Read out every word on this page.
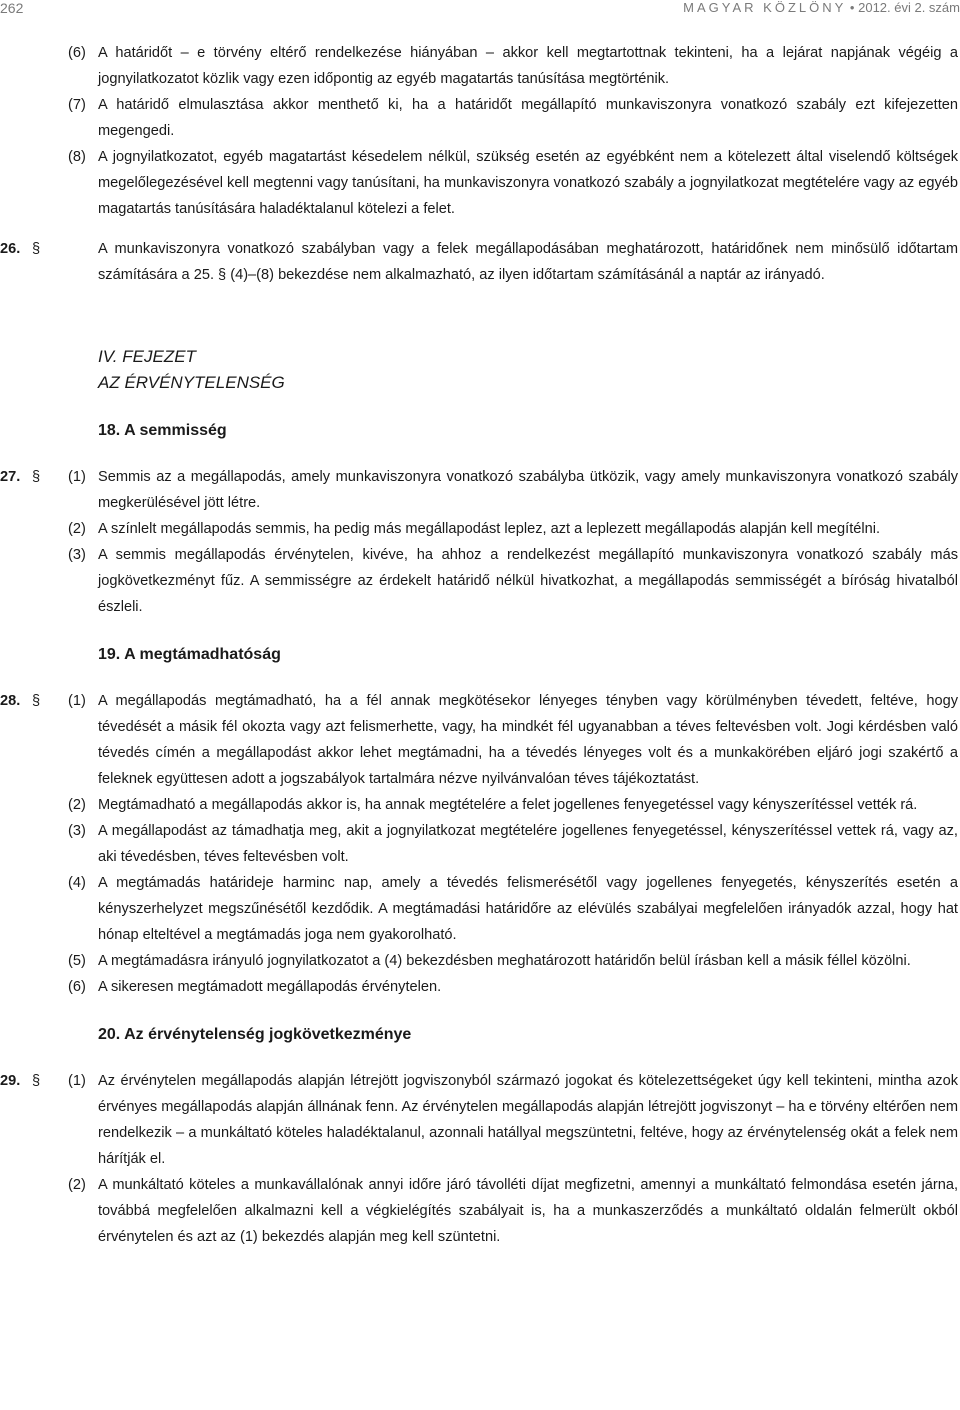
262	MAGYAR KÖZLÖNY • 2012. évi 2. szám
(6) A határidőt – e törvény eltérő rendelkezése hiányában – akkor kell megtartottnak tekinteni, ha a lejárat napjának végéig a jognyilatkozatot közlik vagy ezen időpontig az egyéb magatartás tanúsítása megtörténik.
(7) A határidő elmulasztása akkor menthető ki, ha a határidőt megállapító munkaviszonyra vonatkozó szabály ezt kifejezetten megengedi.
(8) A jognyilatkozatot, egyéb magatartást késedelem nélkül, szükség esetén az egyébként nem a kötelezett által viselendő költségek megelőlegezésével kell megtenni vagy tanúsítani, ha munkaviszonyra vonatkozó szabály a jognyilatkozat megtételére vagy az egyéb magatartás tanúsítására haladéktalanul kötelezi a felet.
26. §	A munkaviszonyra vonatkozó szabályban vagy a felek megállapodásában meghatározott, határidőnek nem minősülő időtartam számítására a 25. § (4)–(8) bekezdése nem alkalmazható, az ilyen időtartam számításánál a naptár az irányadó.
IV. FEJEZET
AZ ÉRVÉNYTELENSÉG
18. A semmisség
27. § (1) Semmis az a megállapodás, amely munkaviszonyra vonatkozó szabályba ütközik, vagy amely munkaviszonyra vonatkozó szabály megkerülésével jött létre.
(2) A színlelt megállapodás semmis, ha pedig más megállapodást leplez, azt a leplezett megállapodás alapján kell megítélni.
(3) A semmis megállapodás érvénytelen, kivéve, ha ahhoz a rendelkezést megállapító munkaviszonyra vonatkozó szabály más jogkövetkezményt fűz. A semmisségre az érdekelt határidő nélkül hivatkozhat, a megállapodás semmisségét a bíróság hivatalból észleli.
19. A megtámadhatóság
28. § (1) A megállapodás megtámadható, ha a fél annak megkötésekor lényeges tényben vagy körülményben tévedett, feltéve, hogy tévedését a másik fél okozta vagy azt felismerhette, vagy, ha mindkét fél ugyanabban a téves feltevésben volt. Jogi kérdésben való tévedés címén a megállapodást akkor lehet megtámadni, ha a tévedés lényeges volt és a munkakörében eljáró jogi szakértő a feleknek együttesen adott a jogszabályok tartalmára nézve nyilvánvalóan téves tájékoztatást.
(2) Megtámadható a megállapodás akkor is, ha annak megtételére a felet jogellenes fenyegetéssel vagy kényszerítéssel vették rá.
(3) A megállapodást az támadhatja meg, akit a jognyilatkozat megtételére jogellenes fenyegetéssel, kényszerítéssel vettek rá, vagy az, aki tévedésben, téves feltevésben volt.
(4) A megtámadás határideje harminc nap, amely a tévedés felismerésétől vagy jogellenes fenyegetés, kényszerítés esetén a kényszerhelyzet megszűnésétől kezdődik. A megtámadási határidőre az elévülés szabályai megfelelően irányadók azzal, hogy hat hónap elteltével a megtámadás joga nem gyakorolható.
(5) A megtámadásra irányuló jognyilatkozatot a (4) bekezdésben meghatározott határidőn belül írásban kell a másik féllel közölni.
(6) A sikeresen megtámadott megállapodás érvénytelen.
20. Az érvénytelenség jogkövetkezménye
29. § (1) Az érvénytelen megállapodás alapján létrejött jogviszonyból származó jogokat és kötelezettségeket úgy kell tekinteni, mintha azok érvényes megállapodás alapján állnának fenn. Az érvénytelen megállapodás alapján létrejött jogviszonyt – ha e törvény eltérően nem rendelkezik – a munkáltató köteles haladéktalanul, azonnali hatállyal megszüntetni, feltéve, hogy az érvénytelenség okát a felek nem hárítják el.
(2) A munkáltató köteles a munkavállalónak annyi időre járó távolléti díjat megfizetni, amennyi a munkáltató felmondása esetén járna, továbbá megfelelően alkalmazni kell a végkielégítés szabályait is, ha a munkaszerződés a munkáltató oldalán felmerült okból érvénytelen és azt az (1) bekezdés alapján meg kell szüntetni.
